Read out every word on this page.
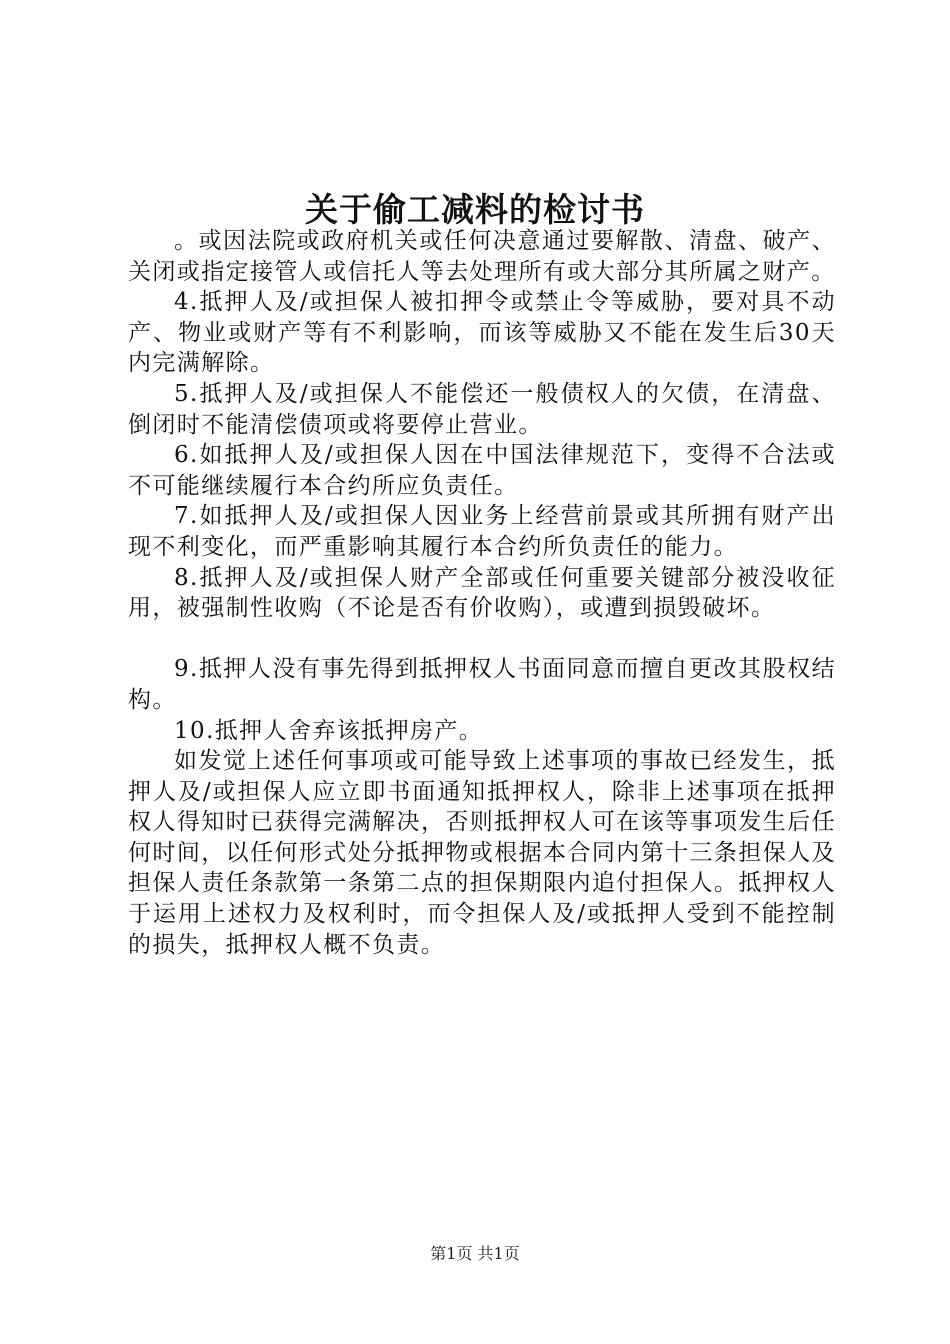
关于偷工减料的检讨书

。或因法院或政府机关或任何决意通过要解散、清盘、破产、关闭或指定接管人或信托人等去处理所有或大部分其所属之财产。

4.抵押人及/或担保人被扣押令或禁止令等威胁，要对具不动产、物业或财产等有不利影响，而该等威胁又不能在发生后30天内完满解除。

5.抵押人及/或担保人不能偿还一般债权人的欠债，在清盘、倒闭时不能清偿债项或将要停止营业。

6.如抵押人及/或担保人因在中国法律规范下，变得不合法或不可能继续履行本合约所应负责任。

7.如抵押人及/或担保人因业务上经营前景或其所拥有财产出现不利变化，而严重影响其履行本合约所负责任的能力。

8.抵押人及/或担保人财产全部或任何重要关键部分被没收征用，被强制性收购（不论是否有价收购），或遭到损毁破坏。

9.抵押人没有事先得到抵押权人书面同意而擅自更改其股权结构。

10.抵押人舍弃该抵押房产。

如发觉上述任何事项或可能导致上述事项的事故已经发生，抵押人及/或担保人应立即书面通知抵押权人，除非上述事项在抵押权人得知时已获得完满解决，否则抵押权人可在该等事项发生后任何时间，以任何形式处分抵押物或根据本合同内第十三条担保人及担保人责任条款第一条第二点的担保期限内追付担保人。抵押权人于运用上述权力及权利时，而令担保人及/或抵押人受到不能控制的损失，抵押权人概不负责。

第1页 共1页
